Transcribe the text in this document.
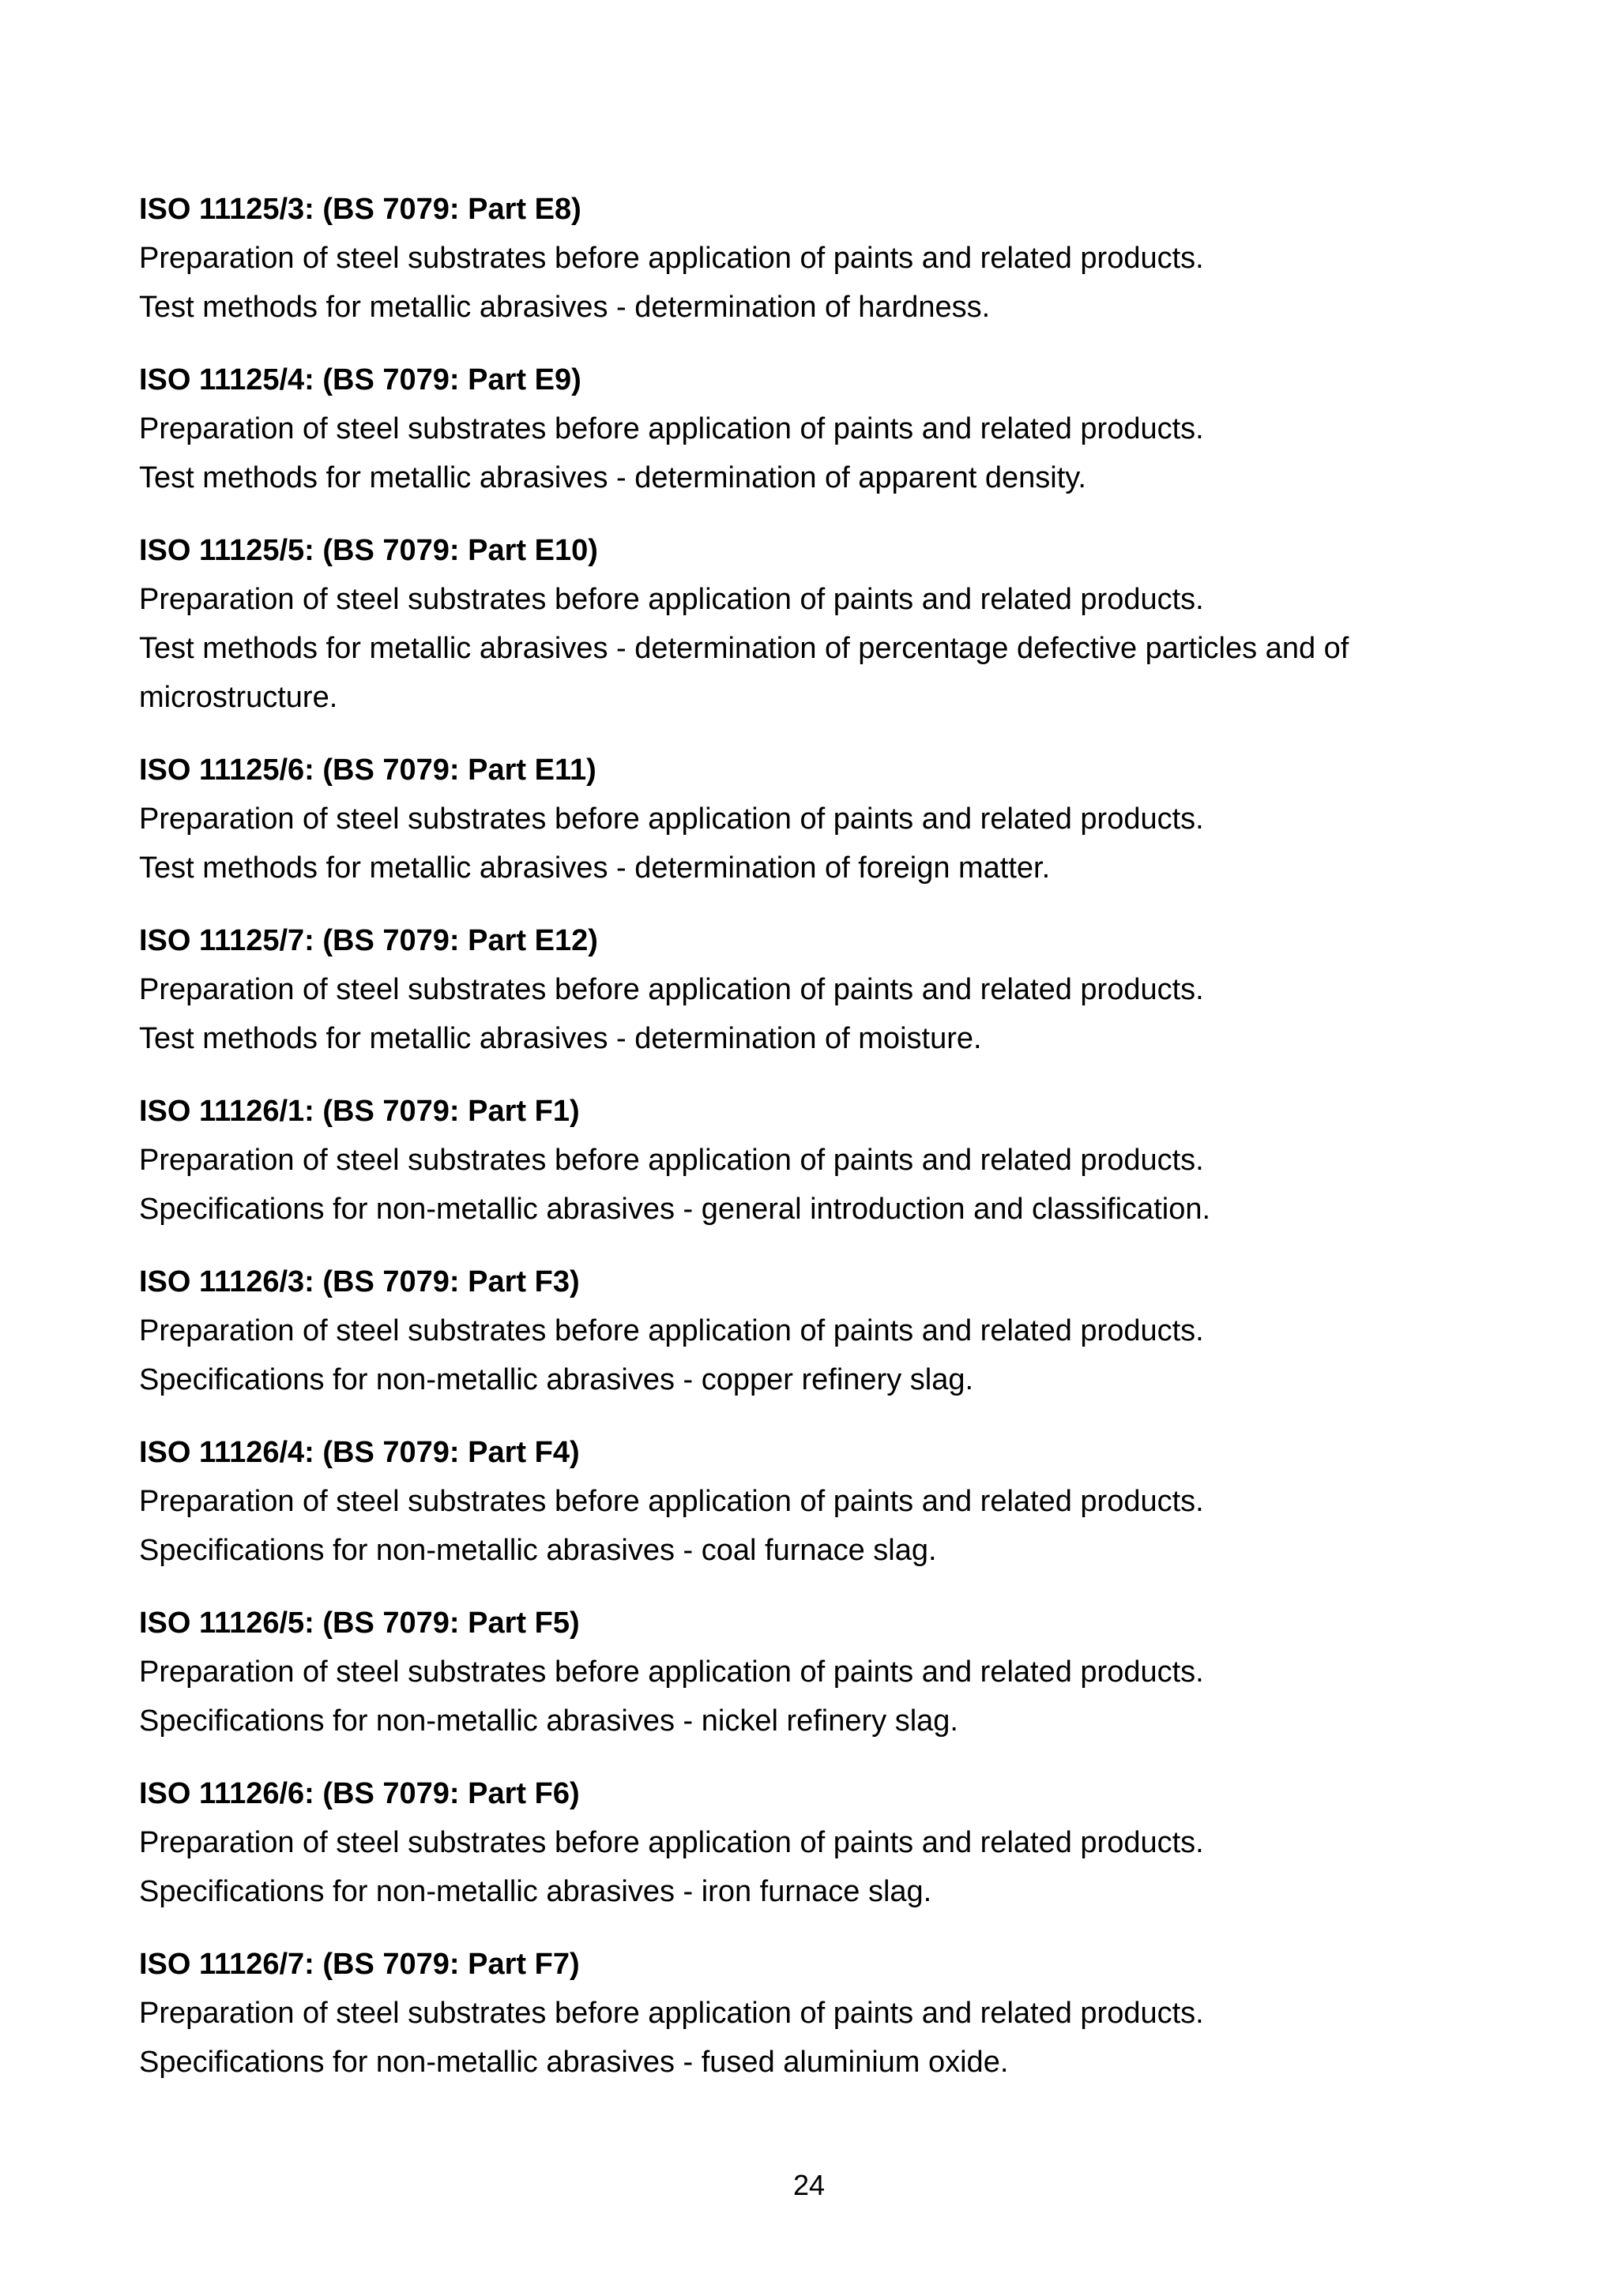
ISO 11125/3: (BS 7079: Part E8)
Preparation of steel substrates before application of paints and related products.
Test methods for metallic abrasives - determination of hardness.
ISO 11125/4: (BS 7079: Part E9)
Preparation of steel substrates before application of paints and related products.
Test methods for metallic abrasives - determination of apparent density.
ISO 11125/5: (BS 7079: Part E10)
Preparation of steel substrates before application of paints and related products.
Test methods for metallic abrasives - determination of percentage defective particles and of
microstructure.
ISO 11125/6: (BS 7079: Part E11)
Preparation of steel substrates before application of paints and related products.
Test methods for metallic abrasives - determination of foreign matter.
ISO 11125/7: (BS 7079: Part E12)
Preparation of steel substrates before application of paints and related products.
Test methods for metallic abrasives - determination of moisture.
ISO 11126/1: (BS 7079: Part F1)
Preparation of steel substrates before application of paints and related products.
Specifications for non-metallic abrasives - general introduction and classification.
ISO 11126/3: (BS 7079: Part F3)
Preparation of steel substrates before application of paints and related products.
Specifications for non-metallic abrasives - copper refinery slag.
ISO 11126/4: (BS 7079: Part F4)
Preparation of steel substrates before application of paints and related products.
Specifications for non-metallic abrasives - coal furnace slag.
ISO 11126/5: (BS 7079: Part F5)
Preparation of steel substrates before application of paints and related products.
Specifications for non-metallic abrasives - nickel refinery slag.
ISO 11126/6: (BS 7079: Part F6)
Preparation of steel substrates before application of paints and related products.
Specifications for non-metallic abrasives - iron furnace slag.
ISO 11126/7: (BS 7079: Part F7)
Preparation of steel substrates before application of paints and related products.
Specifications for non-metallic abrasives - fused aluminium oxide.
24
